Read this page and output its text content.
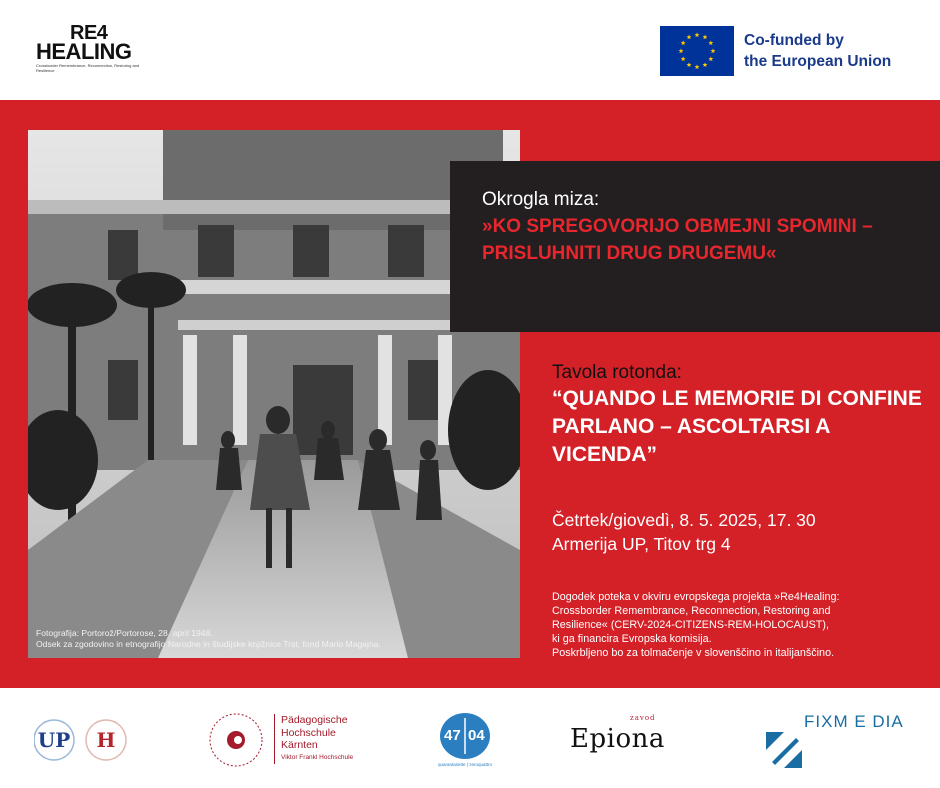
RE4
HEALING
Crossborder Remembrance, Reconnection, Restoring and Resilience
Co-funded by
the European Union
Fotografija: Portorož/Portorose, 28. april 1948.
Odsek za zgodovino in etnografijo Narodne in študijske knjižnice Trst, fond Mario Magajna.
Okrogla miza:
»KO SPREGOVORIJO OBMEJNI SPOMINI – PRISLUHNITI DRUG DRUGEMU«
Tavola rotonda:
“QUANDO LE MEMORIE DI CONFINE PARLANO – ASCOLTARSI A VICENDA”
Četrtek/giovedì, 8. 5. 2025, 17. 30
Armerija UP, Titov trg 4
Dogodek poteka v okviru evropskega projekta »Re4Healing:
Crossborder Remembrance, Reconnection, Restoring and
Resilience« (CERV-2024-CITIZENS-REM-HOLOCAUST),
ki ga financira Evropska komisija.
Poskrbljeno bo za tolmačenje v slovenščino in italijanščino.
UP H
Pädagogische
Hochschule
Kärnten
Viktor Frankl Hochschule
47 04
quarantasette | zeroquattro
zavod
Epiona
FIXM E DIA
